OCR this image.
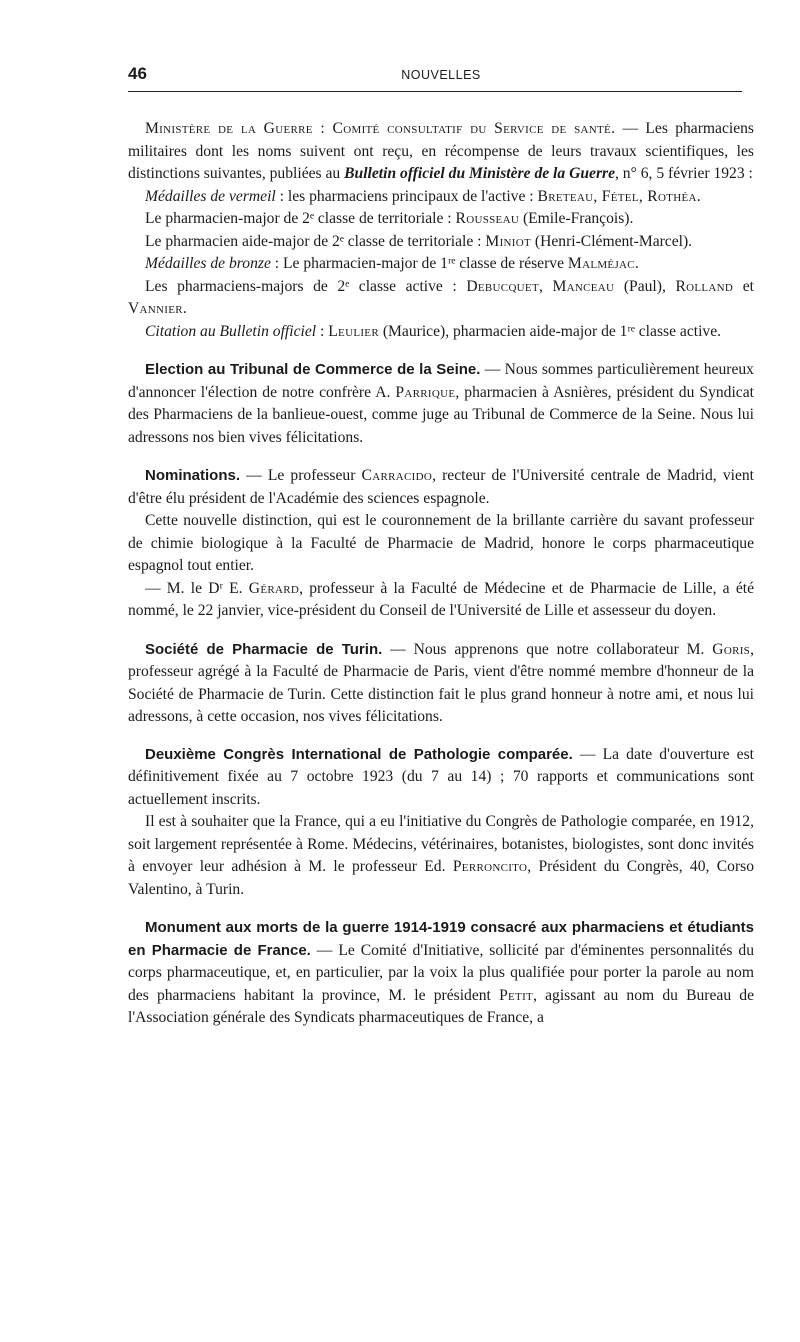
46	NOUVELLES

Ministère de la Guerre : Comité consultatif du Service de santé. — Les pharmaciens militaires dont les noms suivent ont reçu, en récompense de leurs travaux scientifiques, les distinctions suivantes, publiées au Bulletin officiel du Ministère de la Guerre, n° 6, 5 février 1923 :

Médailles de vermeil : les pharmaciens principaux de l'active : Breteau, Fétel, Rothéa.

Le pharmacien-major de 2ᵉ classe de territoriale : Rousseau (Emile-François).

Le pharmacien aide-major de 2ᵉ classe de territoriale : Miniot (Henri-Clément-Marcel).

Médailles de bronze : Le pharmacien-major de 1ʳᵉ classe de réserve Malméjac.

Les pharmaciens-majors de 2ᵉ classe active : Debucquet, Manceau (Paul), Rolland et Vannier.

Citation au Bulletin officiel : Leulier (Maurice), pharmacien aide-major de 1ʳᵉ classe active.

Election au Tribunal de Commerce de la Seine. — Nous sommes particulièrement heureux d'annoncer l'élection de notre confrère A. Parrique, pharmacien à Asnières, président du Syndicat des Pharmaciens de la banlieue-ouest, comme juge au Tribunal de Commerce de la Seine. Nous lui adressons nos bien vives félicitations.

Nominations. — Le professeur Carracido, recteur de l'Université centrale de Madrid, vient d'être élu président de l'Académie des sciences espagnole.

Cette nouvelle distinction, qui est le couronnement de la brillante carrière du savant professeur de chimie biologique à la Faculté de Pharmacie de Madrid, honore le corps pharmaceutique espagnol tout entier.

— M. le Dʳ E. Gérard, professeur à la Faculté de Médecine et de Pharmacie de Lille, a été nommé, le 22 janvier, vice-président du Conseil de l'Université de Lille et assesseur du doyen.

Société de Pharmacie de Turin. — Nous apprenons que notre collaborateur M. Goris, professeur agrégé à la Faculté de Pharmacie de Paris, vient d'être nommé membre d'honneur de la Société de Pharmacie de Turin. Cette distinction fait le plus grand honneur à notre ami, et nous lui adressons, à cette occasion, nos vives félicitations.

Deuxième Congrès International de Pathologie comparée. — La date d'ouverture est définitivement fixée au 7 octobre 1923 (du 7 au 14) ; 70 rapports et communications sont actuellement inscrits.

Il est à souhaiter que la France, qui a eu l'initiative du Congrès de Pathologie comparée, en 1912, soit largement représentée à Rome. Médecins, vétérinaires, botanistes, biologistes, sont donc invités à envoyer leur adhésion à M. le professeur Ed. Perroncito, Président du Congrès, 40, Corso Valentino, à Turin.

Monument aux morts de la guerre 1914-1919 consacré aux pharmaciens et étudiants en Pharmacie de France. — Le Comité d'Initiative, sollicité par d'éminentes personnalités du corps pharmaceutique, et, en particulier, par la voix la plus qualifiée pour porter la parole au nom des pharmaciens habitant la province, M. le président Petit, agissant au nom du Bureau de l'Association générale des Syndicats pharmaceutiques de France, a
